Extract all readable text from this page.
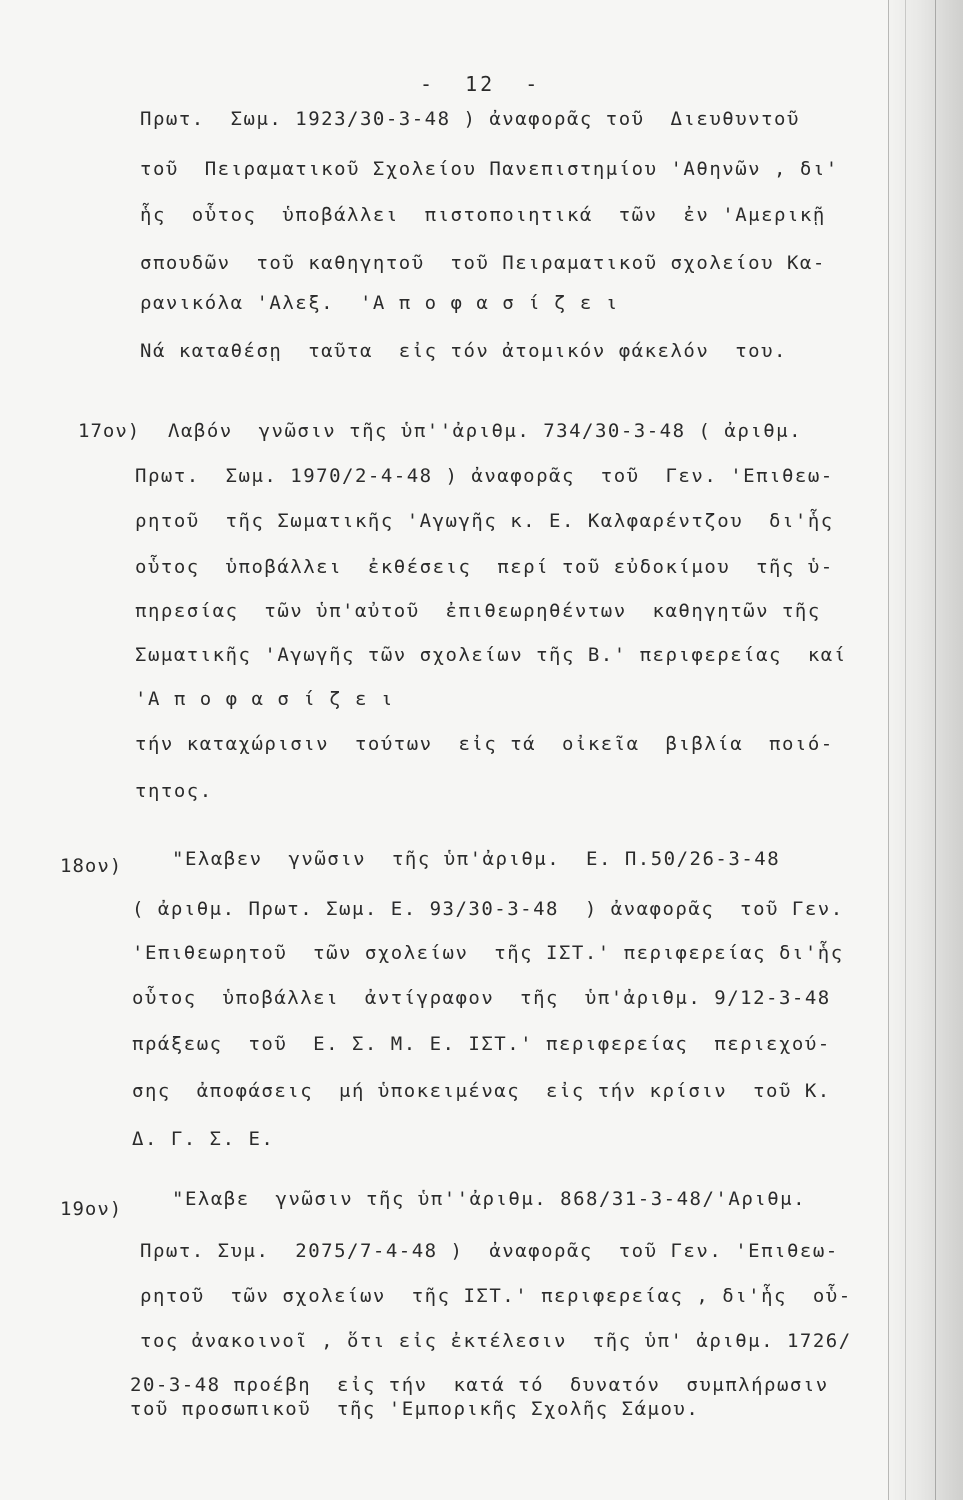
-  12  -
Πρωτ.  Σωμ. 1923/30-3-48 ) ἀναφορᾶς τοῦ  Διευθυντοῦ
τοῦ  Πειραματικοῦ Σχολείου Πανεπιστημίου 'Αθηνῶν , δι'
ἧς  οὗτος  ὑποβάλλει  πιστοποιητικά  τῶν  ἐν 'Αμερικῇ
σπουδῶν  τοῦ καθηγητοῦ  τοῦ Πειραματικοῦ σχολείου Κα-
ρανικόλα 'Αλεξ.  'Α π ο φ α σ ί ζ ε ι
Νά καταθέσῃ  ταῦτα  εἰς τόν ἀτομικόν φάκελόν  του.
17ον) Λαβόν  γνῶσιν τῆς ὑπ''ἀριθμ. 734/30-3-48 ( ἀριθμ.
Πρωτ.  Σωμ. 1970/2-4-48 ) ἀναφορᾶς  τοῦ  Γεν. 'Επιθεω-
ρητοῦ  τῆς Σωματικῆς 'Αγωγῆς κ. Ε. Καλφαρέντζου  δι'ἧς
οὗτος  ὑποβάλλει  ἐκθέσεις  περί τοῦ εὐδοκίμου  τῆς ὑ-
πηρεσίας  τῶν ὑπ'αὐτοῦ  ἐπιθεωρηθέντων  καθηγητῶν τῆς
Σωματικῆς 'Αγωγῆς τῶν σχολείων τῆς Β.' περιφερείας  καί
'Α π ο φ α σ ί ζ ε ι
τήν καταχώρισιν  τούτων  εἰς τά  οἰκεῖα  βιβλία  ποιό-
τητος.
18ον)	"Ελαβεν  γνῶσιν  τῆς ὑπ'ἀριθμ.  Ε. Π.50/26-3-48
( ἀριθμ. Πρωτ. Σωμ. Ε. 93/30-3-48  ) ἀναφορᾶς  τοῦ Γεν.
'Επιθεωρητοῦ  τῶν σχολείων  τῆς ΙΣΤ.' περιφερείας δι'ἧς
οὗτος  ὑποβάλλει  ἀντίγραφον  τῆς  ὑπ'ἀριθμ. 9/12-3-48
πράξεως  τοῦ  Ε. Σ. Μ. Ε. ΙΣΤ.' περιφερείας  περιεχού-
σης  ἀποφάσεις  μή ὑποκειμένας  εἰς τήν κρίσιν  τοῦ Κ.
Δ. Γ. Σ. Ε.
19ον)	"Ελαβε  γνῶσιν τῆς ὑπ''ἀριθμ. 868/31-3-48/'Αριθμ.
Πρωτ. Συμ.  2075/7-4-48 )  ἀναφορᾶς  τοῦ Γεν. 'Επιθεω-
ρητοῦ  τῶν σχολείων  τῆς ΙΣΤ.' περιφερείας , δι'ἧς  οὗ-
τος ἀνακοινοῖ , ὅτι εἰς ἐκτέλεσιν  τῆς ὑπ' ἀριθμ. 1726/
20-3-48 προέβη  εἰς τήν  κατά τό  δυνατόν  συμπλήρωσιν
τοῦ προσωπικοῦ  τῆς 'Εμπορικῆς Σχολῆς Σάμου.
